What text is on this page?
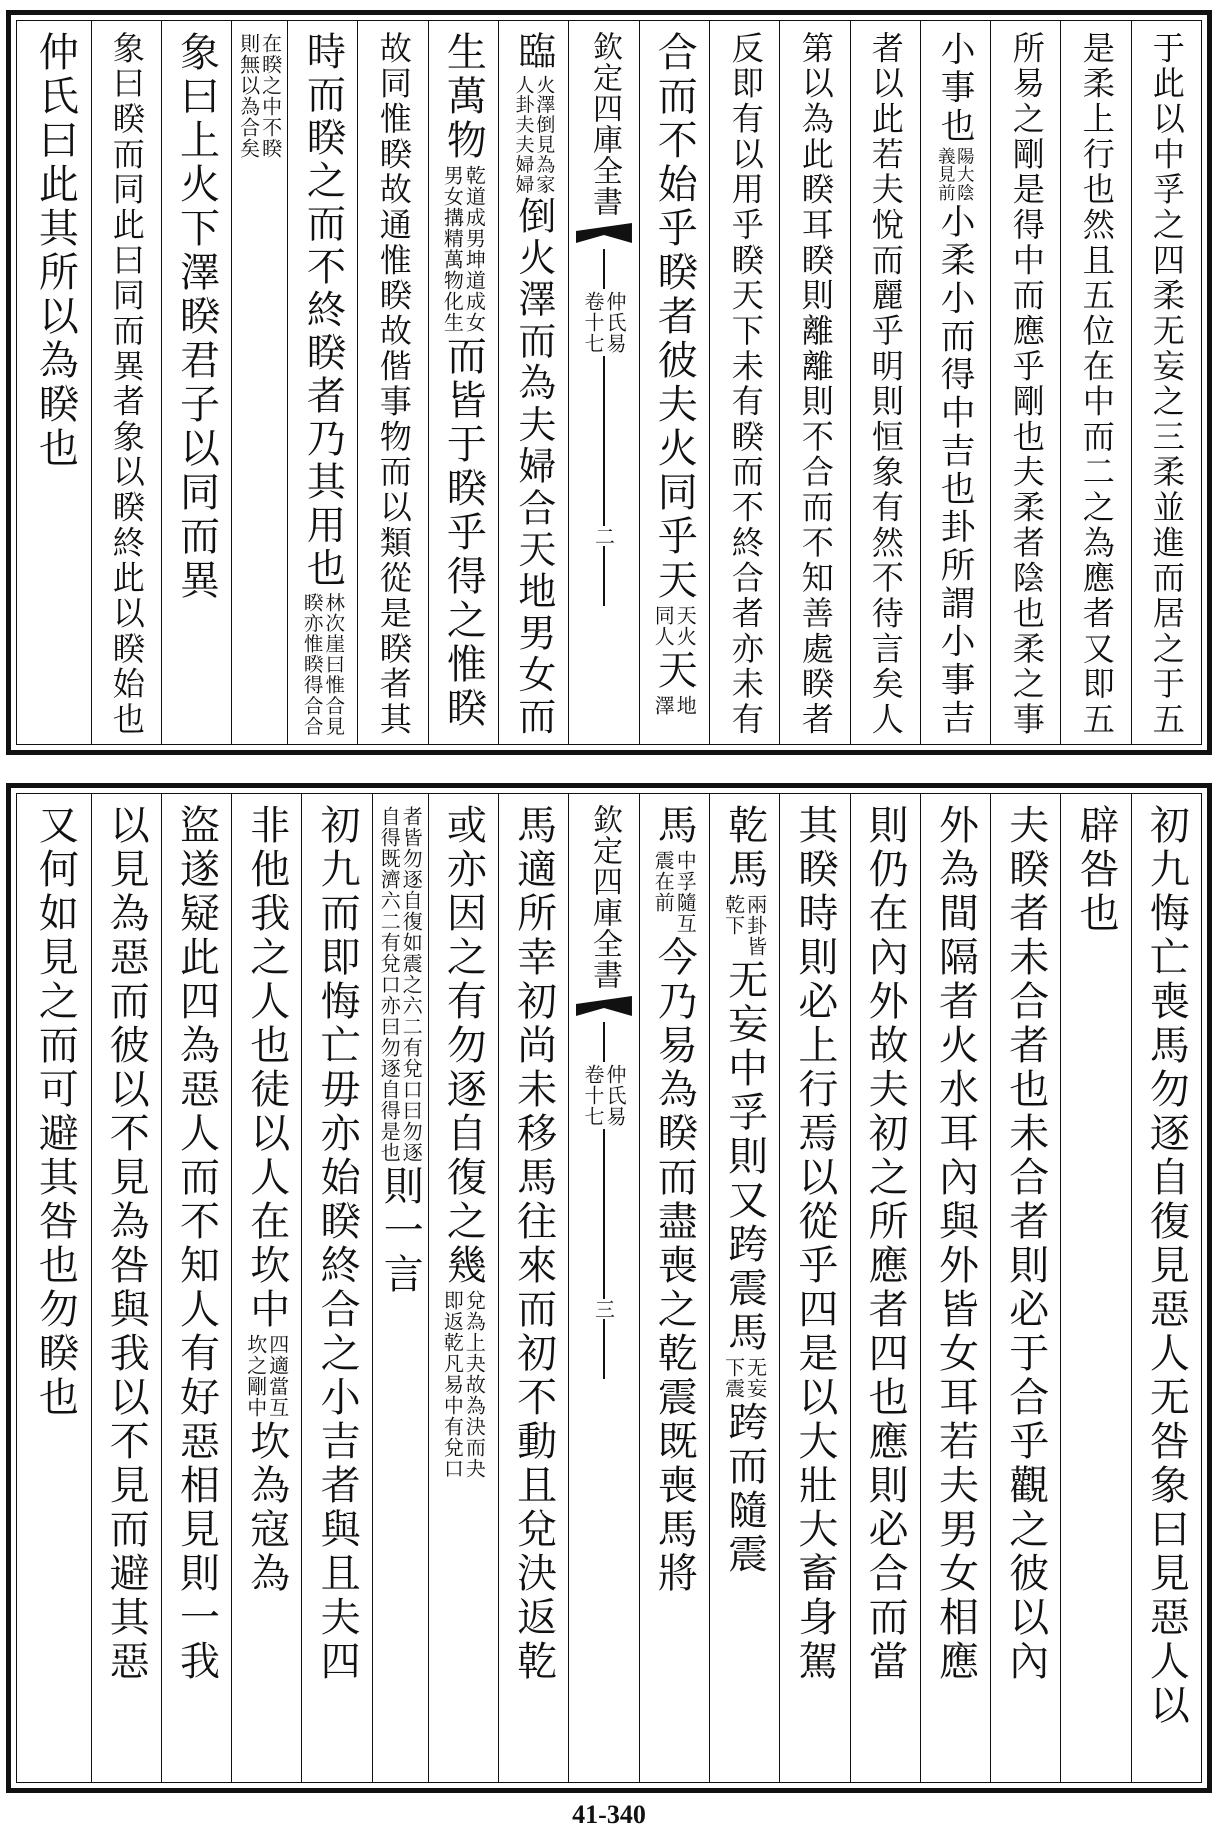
于此以中孚之四柔无妄之三柔並進而居之于五
是柔上行也然且五位在中而二之為應者又即五
所易之剛是得中而應乎剛也夫柔者陰也柔之事
小事也
陽大陰
義見前
小柔小而得中吉也卦所謂小事吉
者以此若夫悅而麗乎明則恒象有然不待言矣人
第以為此睽耳睽則離離則不合而不知善處睽者
反即有以用乎睽天下未有睽而不終合者亦未有
合而不始乎睽者彼夫火同乎天
天火
同人
天
地
澤
欽定四庫全書
仲氏易
卷十七
二
臨
火澤倒見為家
人卦夫夫婦婦
倒火澤而為夫婦
合天地男女而
生萬物
乾道成男坤道成女
男女搆精萬物化生
而皆于睽乎得之惟睽
故同惟睽故通惟睽故偕事物而以類從是睽者其
時而睽之而不終睽者乃其用也
林次崖曰惟合見
睽亦惟睽得合合
在睽之中不睽
則無以為合矣
象曰上火下澤睽君子以同而異
象曰睽而同此曰同而異者象以睽終此以睽始也
仲氏曰此其所以為睽也
初九悔亡喪馬勿逐自復見惡人无咎象曰見惡人以
辟咎也
夫睽者未合者也未合者則必于合乎觀之彼以內
外為間隔者火水耳內與外皆女耳若夫男女相應
則仍在內外故夫初之所應者四也應則必合而當
其睽時則必上行焉以從乎四是以大壯大畜身駕
乾馬
兩卦皆
乾下
无妄中孚則又跨震馬
无妄
下震
跨而隨震
馬
中孚隨互
震在前
今乃易為睽而盡喪之乾震既喪馬將
欽定四庫全書
仲氏易
卷十七
三
馬適所幸初尚未移馬往來而初不動且兌決返乾
或亦因之有勿逐自復之幾
兌為上夬故為決而夬
即返乾凡易中有兌口
者皆勿逐自復如震之六二有兌口曰勿逐
自得既濟六二有兌口亦曰勿逐自得是也
則一言
初九而即悔亡毋亦始睽終合之小吉者與且夫四
非他我之人也徒以人在坎中
四適當互
坎之剛中
坎為寇為
盜遂疑此四為惡人而不知人有好惡相見則一我
以見為惡而彼以不見為咎與我以不見而避其惡
又何如見之而可避其咎也勿睽也
41-340
